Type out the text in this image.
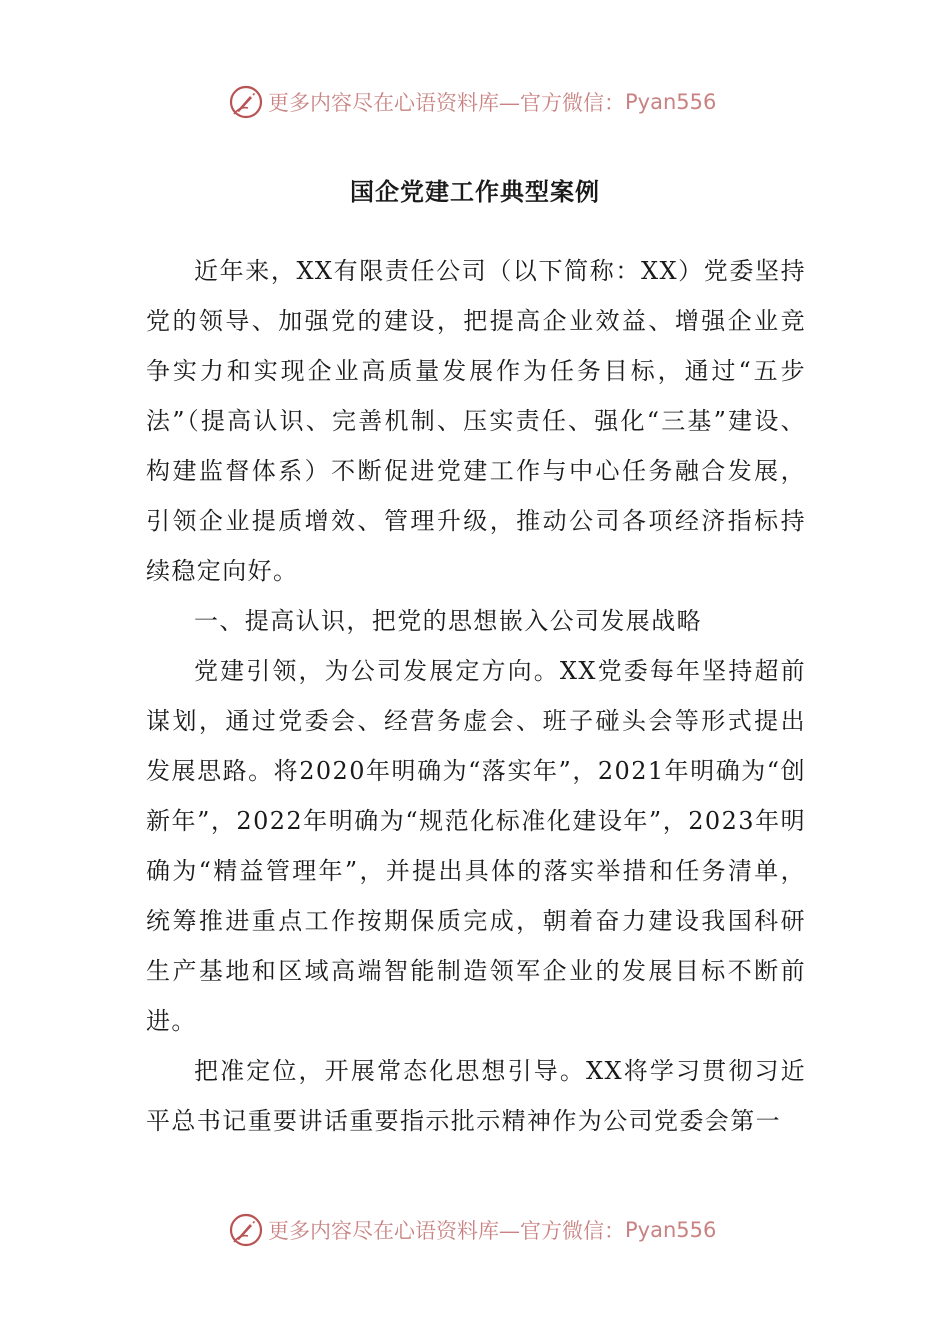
更多内容尽在心语资料库—官方微信： Pyan556
国企党建工作典型案例

近年来，XX有限责任公司（以下简称：XX）党委坚持党的领导、加强党的建设，把提高企业效益、增强企业竞争实力和实现企业高质量发展作为任务目标，通过“五步法”（提高认识、完善机制、压实责任、强化“三基”建设、构建监督体系）不断促进党建工作与中心任务融合发展，引领企业提质增效、管理升级，推动公司各项经济指标持续稳定向好。

一、提高认识，把党的思想嵌入公司发展战略

党建引领，为公司发展定方向。XX党委每年坚持超前谋划，通过党委会、经营务虚会、班子碰头会等形式提出发展思路。将2020年明确为“落实年”，2021年明确为“创新年”，2022年明确为“规范化标准化建设年”，2023年明确为“精益管理年”，并提出具体的落实举措和任务清单，统筹推进重点工作按期保质完成，朝着奋力建设我国科研生产基地和区域高端智能制造领军企业的发展目标不断前进。

把准定位，开展常态化思想引导。XX将学习贯彻习近平总书记重要讲话重要指示批示精神作为公司党委会第一

更多内容尽在心语资料库—官方微信： Pyan556
